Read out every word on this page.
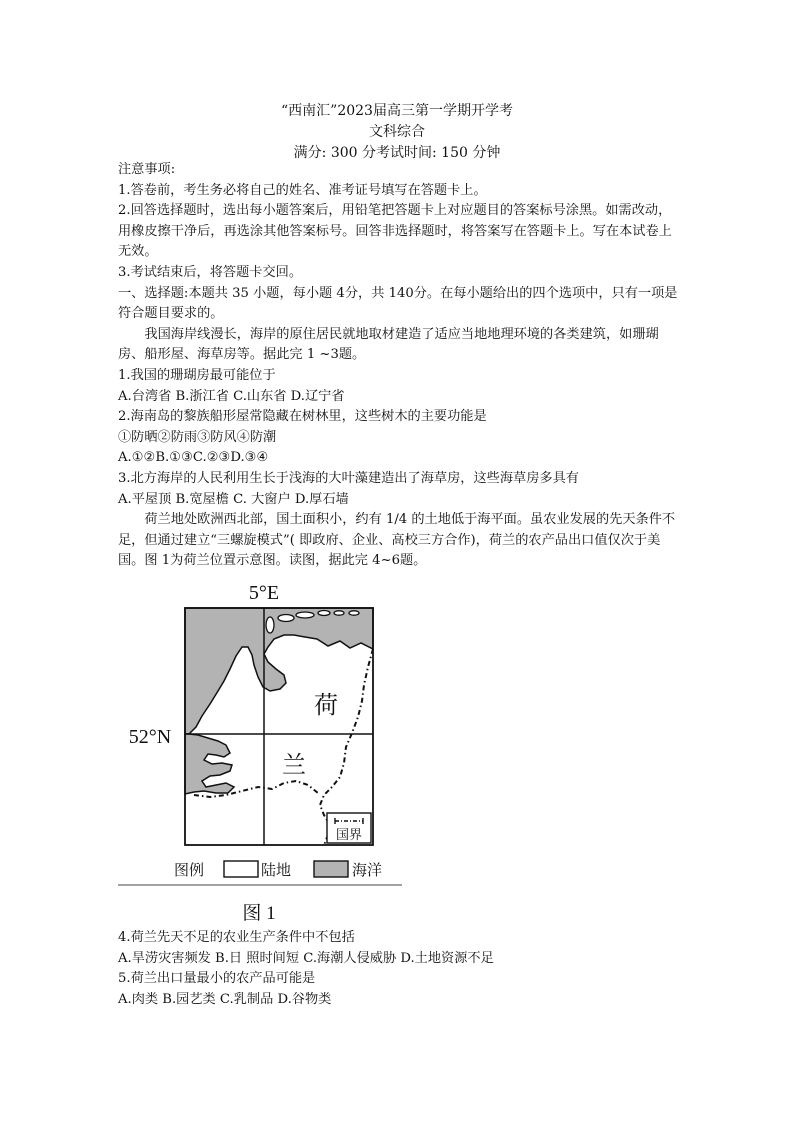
“西南汇”2023届高三第一学期开学考
文科综合
满分: 300 分考试时间: 150 分钟

注意事项:

1.答卷前，考生务必将自己的姓名、准考证号填写在答题卡上。

2.回答选择题时，选出每小题答案后，用铅笔把答题卡上对应题目的答案标号涂黑。如需改动，用橡皮擦干净后，再选涂其他答案标号。回答非选择题时，将答案写在答题卡上。写在本试卷上无效。

3.考试结束后，将答题卡交回。

一、选择题:本题共 35 小题，每小题 4分，共 140分。在每小题给出的四个选项中，只有一项是符合题目要求的。

我国海岸线漫长，海岸的原住居民就地取材建造了适应当地地理环境的各类建筑，如珊瑚房、船形屋、海草房等。据此完 1 ~3题。

1.我国的珊瑚房最可能位于

A.台湾省 B.浙江省 C.山东省 D.辽宁省

2.海南岛的黎族船形屋常隐藏在树林里，这些树木的主要功能是

①防晒②防雨③防风④防潮

A.①②B.①③C.②③D.③④

3.北方海岸的人民利用生长于浅海的大叶藻建造出了海草房，这些海草房多具有

A.平屋顶 B.宽屋檐 C. 大窗户 D.厚石墙

荷兰地处欧洲西北部，国土面积小，约有 1/4 的土地低于海平面。虽农业发展的先天条件不足，但通过建立“三螺旋模式”( 即政府、企业、高校三方合作)，荷兰的农产品出口值仅次于美国。图 1为荷兰位置示意图。读图，据此完 4~6题。

5°E
52°N
荷
兰
国界
图例	陆地	海洋
图 1

4.荷兰先天不足的农业生产条件中不包括

A.旱涝灾害频发 B.日 照时间短 C.海潮人侵威胁 D.土地资源不足

5.荷兰出口量最小的农产品可能是

A.肉类 B.园艺类 C.乳制品 D.谷物类
